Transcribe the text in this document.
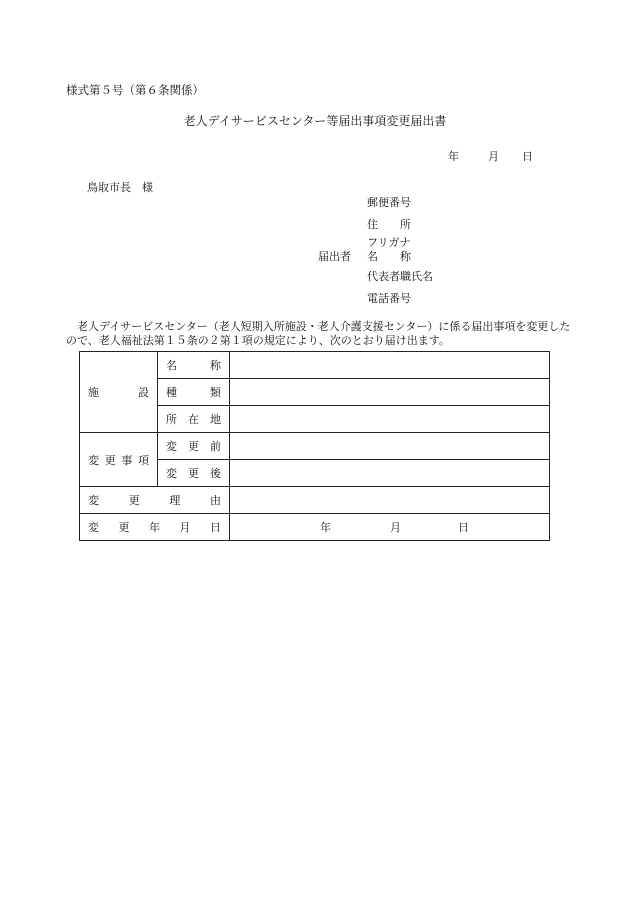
様式第５号（第６条関係）
老人デイサービスセンター等届出事項変更届出書
年	月 日
鳥取市長　様
郵便番号
住　　所
フリガナ
届出者 名　　称
代表者職氏名
電話番号
老人デイサービスセンター（老人短期入所施設・老人介護支援センター）に係る届出事項を変更したので、老人福祉法第１５条の２第１項の規定により、次のとおり届け出ます。
施　　設	名　　称	
	種　　類	
	所 在 地	
変 更 事 項	変 更 前	
	変 更 後	
変　更　理　由		
変　更　年　月　日		年 月 日
